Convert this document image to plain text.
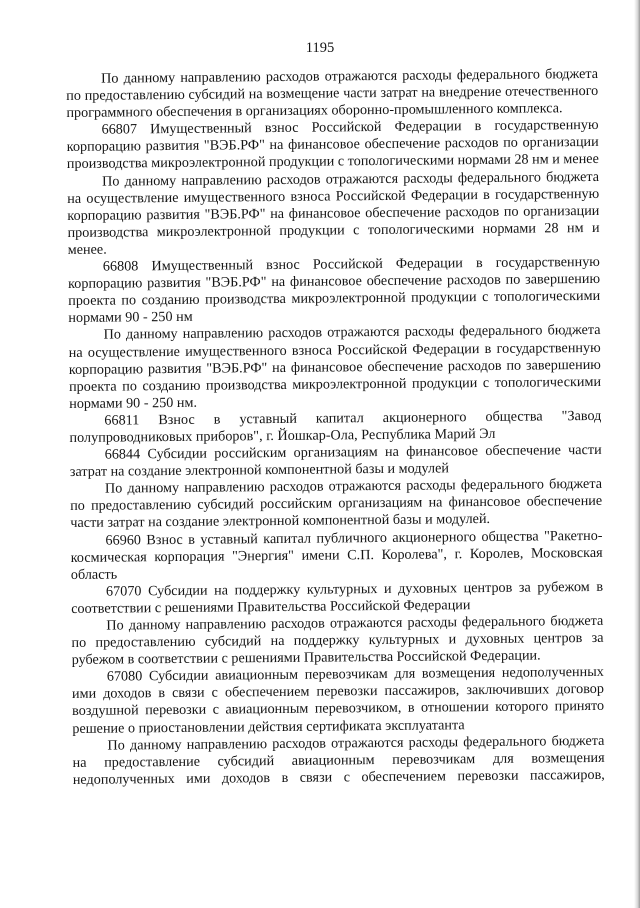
1195

По данному направлению расходов отражаются расходы федерального бюджета по предоставлению субсидий на возмещение части затрат на внедрение отечественного программного обеспечения в организациях оборонно-промышленного комплекса.

66807 Имущественный взнос Российской Федерации в государственную корпорацию развития "ВЭБ.РФ" на финансовое обеспечение расходов по организации производства микроэлектронной продукции с топологическими нормами 28 нм и менее

По данному направлению расходов отражаются расходы федерального бюджета на осуществление имущественного взноса Российской Федерации в государственную корпорацию развития "ВЭБ.РФ" на финансовое обеспечение расходов по организации производства микроэлектронной продукции с топологическими нормами 28 нм и менее.

66808 Имущественный взнос Российской Федерации в государственную корпорацию развития "ВЭБ.РФ" на финансовое обеспечение расходов по завершению проекта по созданию производства микроэлектронной продукции с топологическими нормами 90 - 250 нм

По данному направлению расходов отражаются расходы федерального бюджета на осуществление имущественного взноса Российской Федерации в государственную корпорацию развития "ВЭБ.РФ" на финансовое обеспечение расходов по завершению проекта по созданию производства микроэлектронной продукции с топологическими нормами 90 - 250 нм.

66811 Взнос в уставный капитал акционерного общества "Завод полупроводниковых приборов", г. Йошкар-Ола, Республика Марий Эл

66844 Субсидии российским организациям на финансовое обеспечение части затрат на создание электронной компонентной базы и модулей

По данному направлению расходов отражаются расходы федерального бюджета по предоставлению субсидий российским организациям на финансовое обеспечение части затрат на создание электронной компонентной базы и модулей.

66960 Взнос в уставный капитал публичного акционерного общества "Ракетно-космическая корпорация "Энергия" имени С.П. Королева", г. Королев, Московская область

67070 Субсидии на поддержку культурных и духовных центров за рубежом в соответствии с решениями Правительства Российской Федерации

По данному направлению расходов отражаются расходы федерального бюджета по предоставлению субсидий на поддержку культурных и духовных центров за рубежом в соответствии с решениями Правительства Российской Федерации.

67080 Субсидии авиационным перевозчикам для возмещения недополученных ими доходов в связи с обеспечением перевозки пассажиров, заключивших договор воздушной перевозки с авиационным перевозчиком, в отношении которого принято решение о приостановлении действия сертификата эксплуатанта

По данному направлению расходов отражаются расходы федерального бюджета на предоставление субсидий авиационным перевозчикам для возмещения недополученных ими доходов в связи с обеспечением перевозки пассажиров,
